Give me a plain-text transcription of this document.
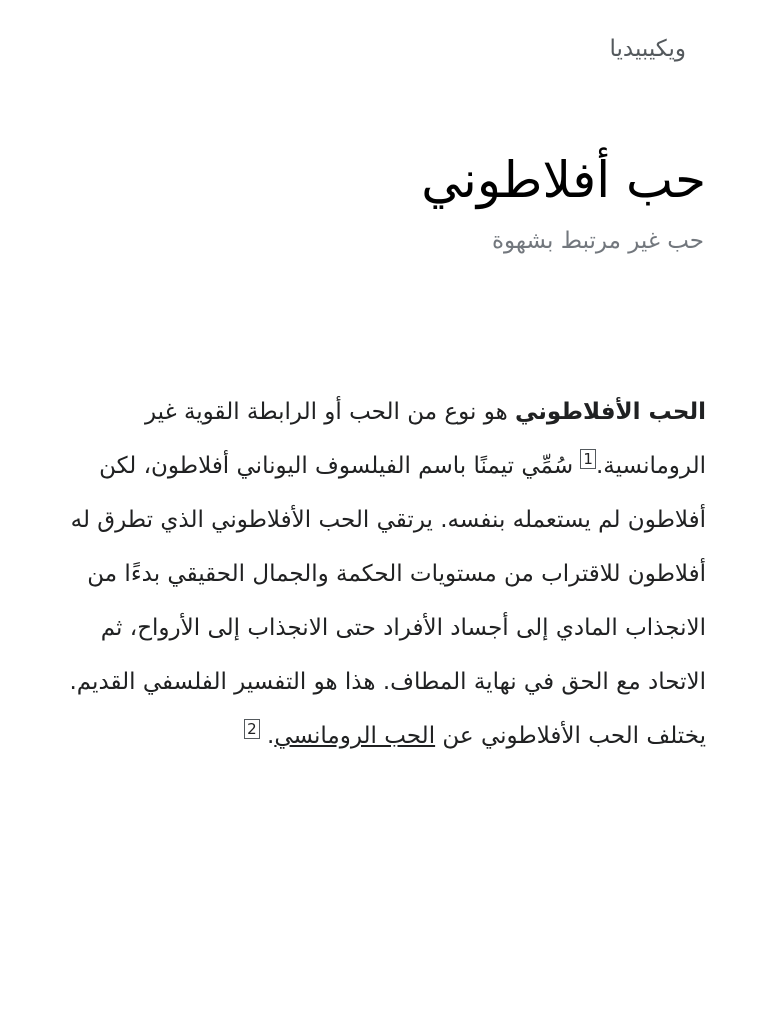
ويكيبيديا
حب أفلاطوني

حب غير مرتبط بشهوة

الحب الأفلاطوني هو نوع من الحب أو الرابطة القوية غير الرومانسية.$^1$ سُمِّي تيمنًا باسم الفيلسوف اليوناني أفلاطون، لكن أفلاطون لم يستعمله بنفسه. يرتقي الحب الأفلاطوني الذي تطرق له أفلاطون للاقتراب من مستويات الحكمة والجمال الحقيقي بدءًا من الانجذاب المادي إلى أجساد الأفراد حتى الانجذاب إلى الأرواح، ثم الاتحاد مع الحق في نهاية المطاف. هذا هو التفسير الفلسفي القديم. يختلف الحب الأفلاطوني عن الحب الرومانسي. $^2$
